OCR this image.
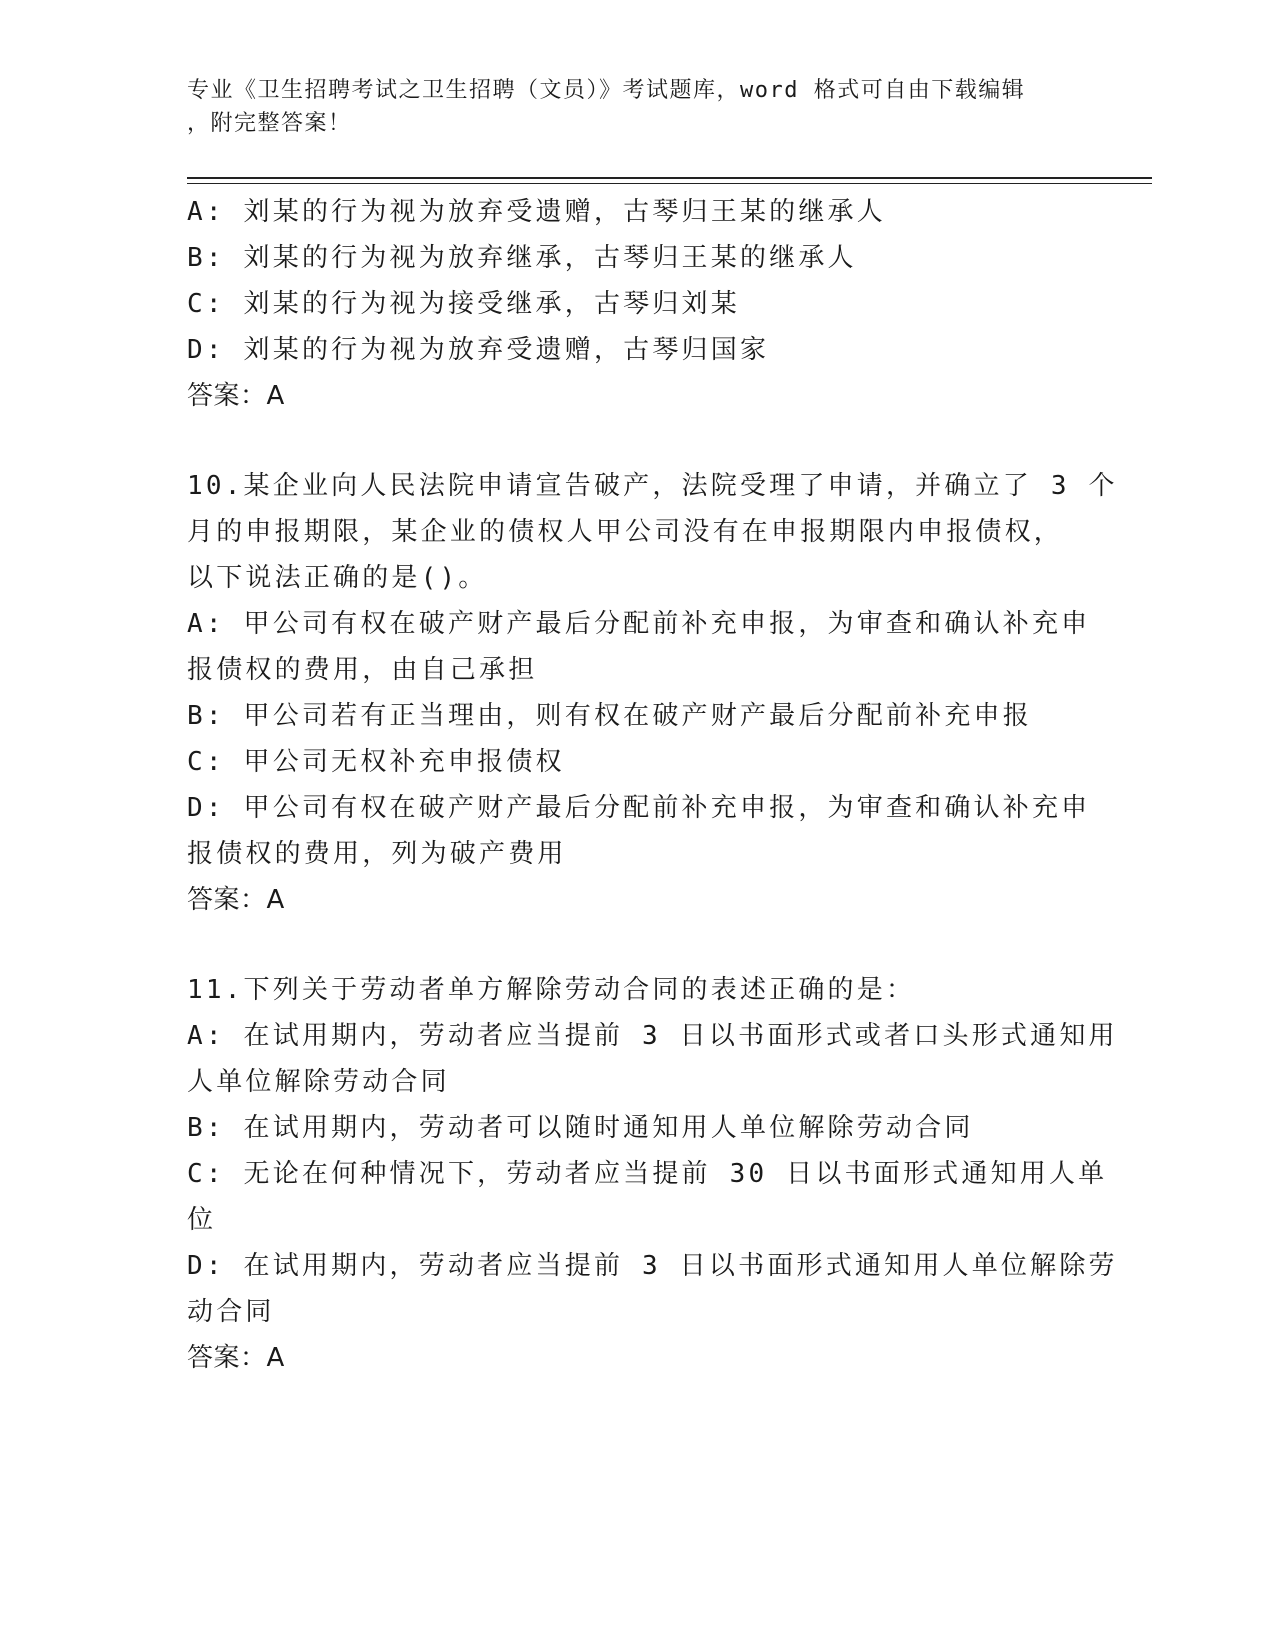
专业《卫生招聘考试之卫生招聘（文员）》考试题库，word 格式可自由下载编辑
，附完整答案！

A: 刘某的行为视为放弃受遗赠，古琴归王某的继承人

B: 刘某的行为视为放弃继承，古琴归王某的继承人

C: 刘某的行为视为接受继承，古琴归刘某

D: 刘某的行为视为放弃受遗赠，古琴归国家

答案：A

10.某企业向人民法院申请宣告破产，法院受理了申请，并确立了 3 个

月的申报期限，某企业的债权人甲公司没有在申报期限内申报债权，

以下说法正确的是()。

A: 甲公司有权在破产财产最后分配前补充申报，为审查和确认补充申

报债权的费用，由自己承担

B: 甲公司若有正当理由，则有权在破产财产最后分配前补充申报

C: 甲公司无权补充申报债权

D: 甲公司有权在破产财产最后分配前补充申报，为审查和确认补充申

报债权的费用，列为破产费用

答案：A

11.下列关于劳动者单方解除劳动合同的表述正确的是：

A: 在试用期内，劳动者应当提前 3 日以书面形式或者口头形式通知用

人单位解除劳动合同

B: 在试用期内，劳动者可以随时通知用人单位解除劳动合同

C: 无论在何种情况下，劳动者应当提前 30 日以书面形式通知用人单

位

D: 在试用期内，劳动者应当提前 3 日以书面形式通知用人单位解除劳

动合同

答案：A
